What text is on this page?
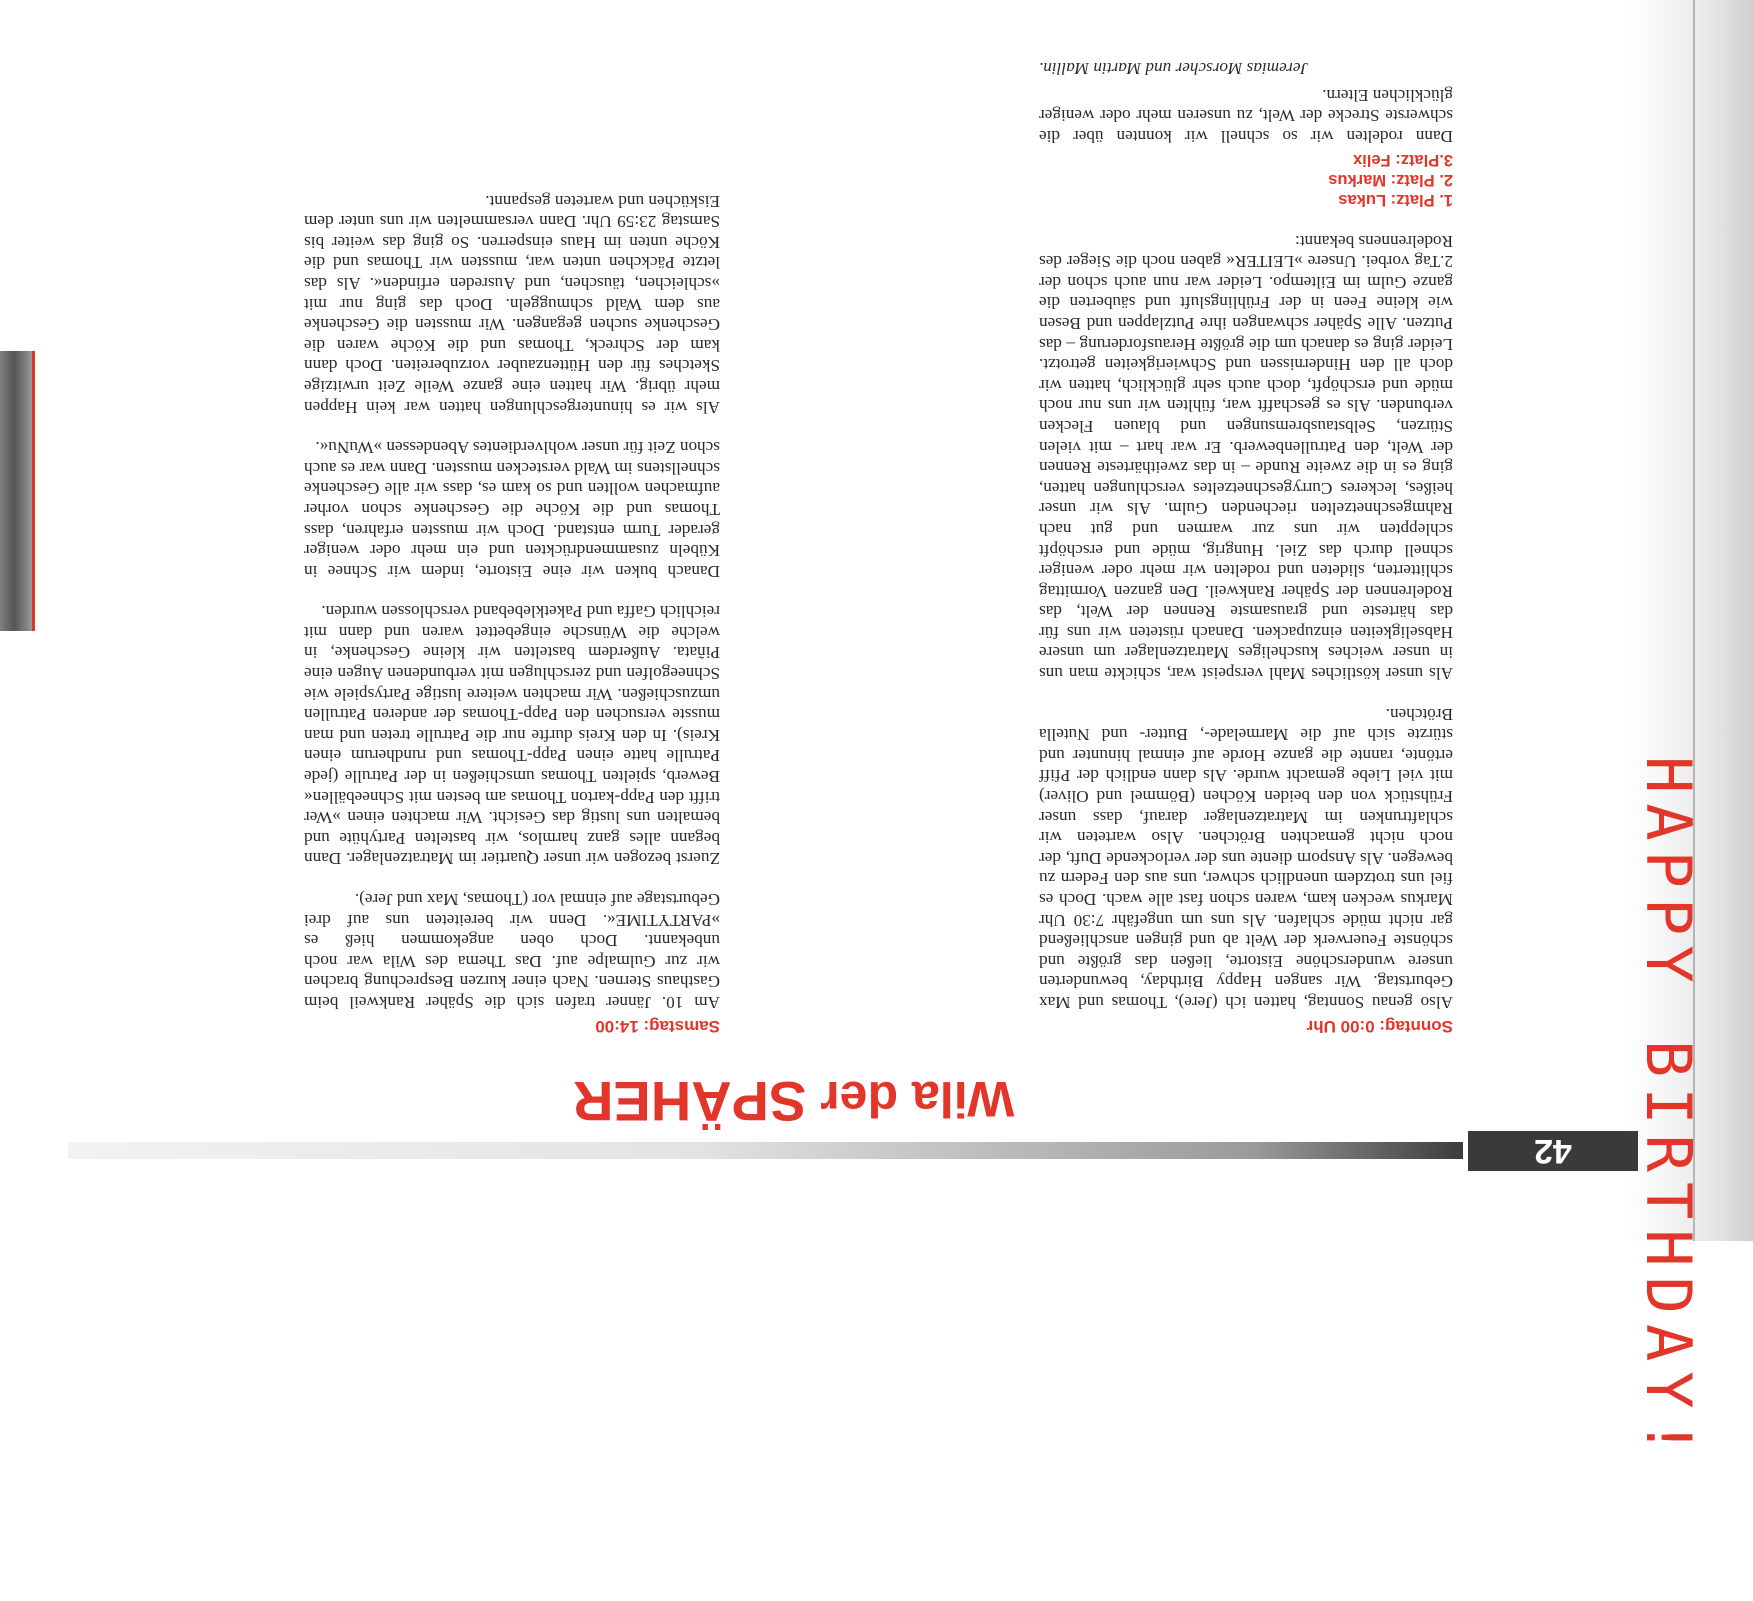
42
Wila der SPÄHER
Sonntag: 0:00 Uhr

Also genau Sonntag, hatten ich (Jere), Thomas und Max Geburtstag. Wir sangen Happy Birthday, bewunderten unsere wunderschöne Eistorte, ließen das größte und schönste Feuerwerk der Welt ab und gingen anschließend gar nicht müde schlafen. Als uns um ungefähr 7:30 Uhr Markus wecken kam, waren schon fast alle wach. Doch es fiel uns trotzdem unendlich schwer, uns aus den Federn zu bewegen. Als Ansporn diente uns der verlockende Duft, der noch nicht gemachten Brötchen. Also warteten wir schlaftrunken im Matratzenlager darauf, dass unser Frühstück von den beiden Köchen (Bömmel und Oliver) mit viel Liebe gemacht wurde. Als dann endlich der Pfiff ertönte, rannte die ganze Horde auf einmal hinunter und stürzte sich auf die Marmelade-, Butter- und Nutella Brötchen.

Als unser köstliches Mahl verspeist war, schickte man uns in unser weiches kuscheliges Matratzenlager um unsere Habseligkeiten einzupacken. Danach rüsteten wir uns für das härteste und grausamste Rennen der Welt, das Rodelrennen der Späher Rankweil. Den ganzen Vormittag schlitterten, slideten und rodelten wir mehr oder weniger schnell durch das Ziel. Hungrig, müde und erschöpft schleppten wir uns zur warmen und gut nach Rahmgeschnetzelten riechenden Gulm. Als wir unser heißes, leckeres Currygeschnetzeltes verschlungen hatten, ging es in die zweite Runde – in das zweithärteste Rennen der Welt, den Patrullenbewerb. Er war hart – mit vielen Stürzen, Selbstausbremsungen und blauen Flecken verbunden. Als es geschafft war, fühlten wir uns nur noch müde und erschöpft, doch auch sehr glücklich, hatten wir doch all den Hindernissen und Schwierigkeiten getrotzt. Leider ging es danach um die größte Herausforderung – das Putzen. Alle Späher schwangen ihre Putzlappen und Besen wie kleine Feen in der Frühlingsluft und säuberten die ganze Gulm im Eiltempo. Leider war nun auch schon der 2.Tag vorbei. Unsere »LEITER« gaben noch die Sieger des Rodelrennens bekannt:

1. Platz: Lukas
2. Platz: Markus
3.Platz: Felix

Dann rodelten wir so schnell wir konnten über die schwerste Strecke der Welt, zu unseren mehr oder weniger glücklichen Eltern.

Jeremias Morscher und Martin Mallin.
Samstag: 14:00

Am 10. Jänner trafen sich die Späher Rankweil beim Gasthaus Sternen. Nach einer kurzen Besprechung brachen wir zur Gulmalpe auf. Das Thema des Wila war noch unbekannt. Doch oben angekommen hieß es »PARTYTIME«. Denn wir bereiteten uns auf drei Geburtstage auf einmal vor (Thomas, Max und Jere).

Zuerst bezogen wir unser Quartier im Matratzenlager. Dann begann alles ganz harmlos, wir bastelten Partyhüte und bemalten uns lustig das Gesicht. Wir machten einen »Wer trifft den Papp-karton Thomas am besten mit Schneebällen« Bewerb, spielten Thomas umschießen in der Patrulle (jede Patrulle hatte einen Papp-Thomas und rundherum einen Kreis). In den Kreis durfte nur die Patrulle treten und man musste versuchen den Papp-Thomas der anderen Patrullen umzuschießen. Wir machten weitere lustige Partyspiele wie Schneegolfen und zerschlugen mit verbundenen Augen eine Piñata. Außerdem bastelten wir kleine Geschenke, in welche die Wünsche eingebettet waren und dann mit reichlich Gaffa und Paketklebeband verschlossen wurden.

Danach buken wir eine Eistorte, indem wir Schnee in Kübeln zusammendrückten und ein mehr oder weniger gerader Turm entstand. Doch wir mussten erfahren, dass Thomas und die Köche die Geschenke schon vorher aufmachen wollten und so kam es, dass wir alle Geschenke schnellstens im Wald verstecken mussten. Dann war es auch schon Zeit für unser wohlverdientes Abendessen »WuNu«.

Als wir es hinuntergeschlungen hatten war kein Happen mehr übrig. Wir hatten eine ganze Weile Zeit urwitzige Sketches für den Hüttenzauber vorzubereiten. Doch dann kam der Schreck, Thomas und die Köche waren die Geschenke suchen gegangen. Wir mussten die Geschenke aus dem Wald schmuggeln. Doch das ging nur mit »schleichen, täuschen, und Ausreden erfinden«. Als das letzte Päckchen unten war, mussten wir Thomas und die Köche unten im Haus einsperren. So ging das weiter bis Samstag 23:59 Uhr. Dann versammelten wir uns unter dem Eisküchen und warteten gespannt.

HAPPY BIRTHDAY!
